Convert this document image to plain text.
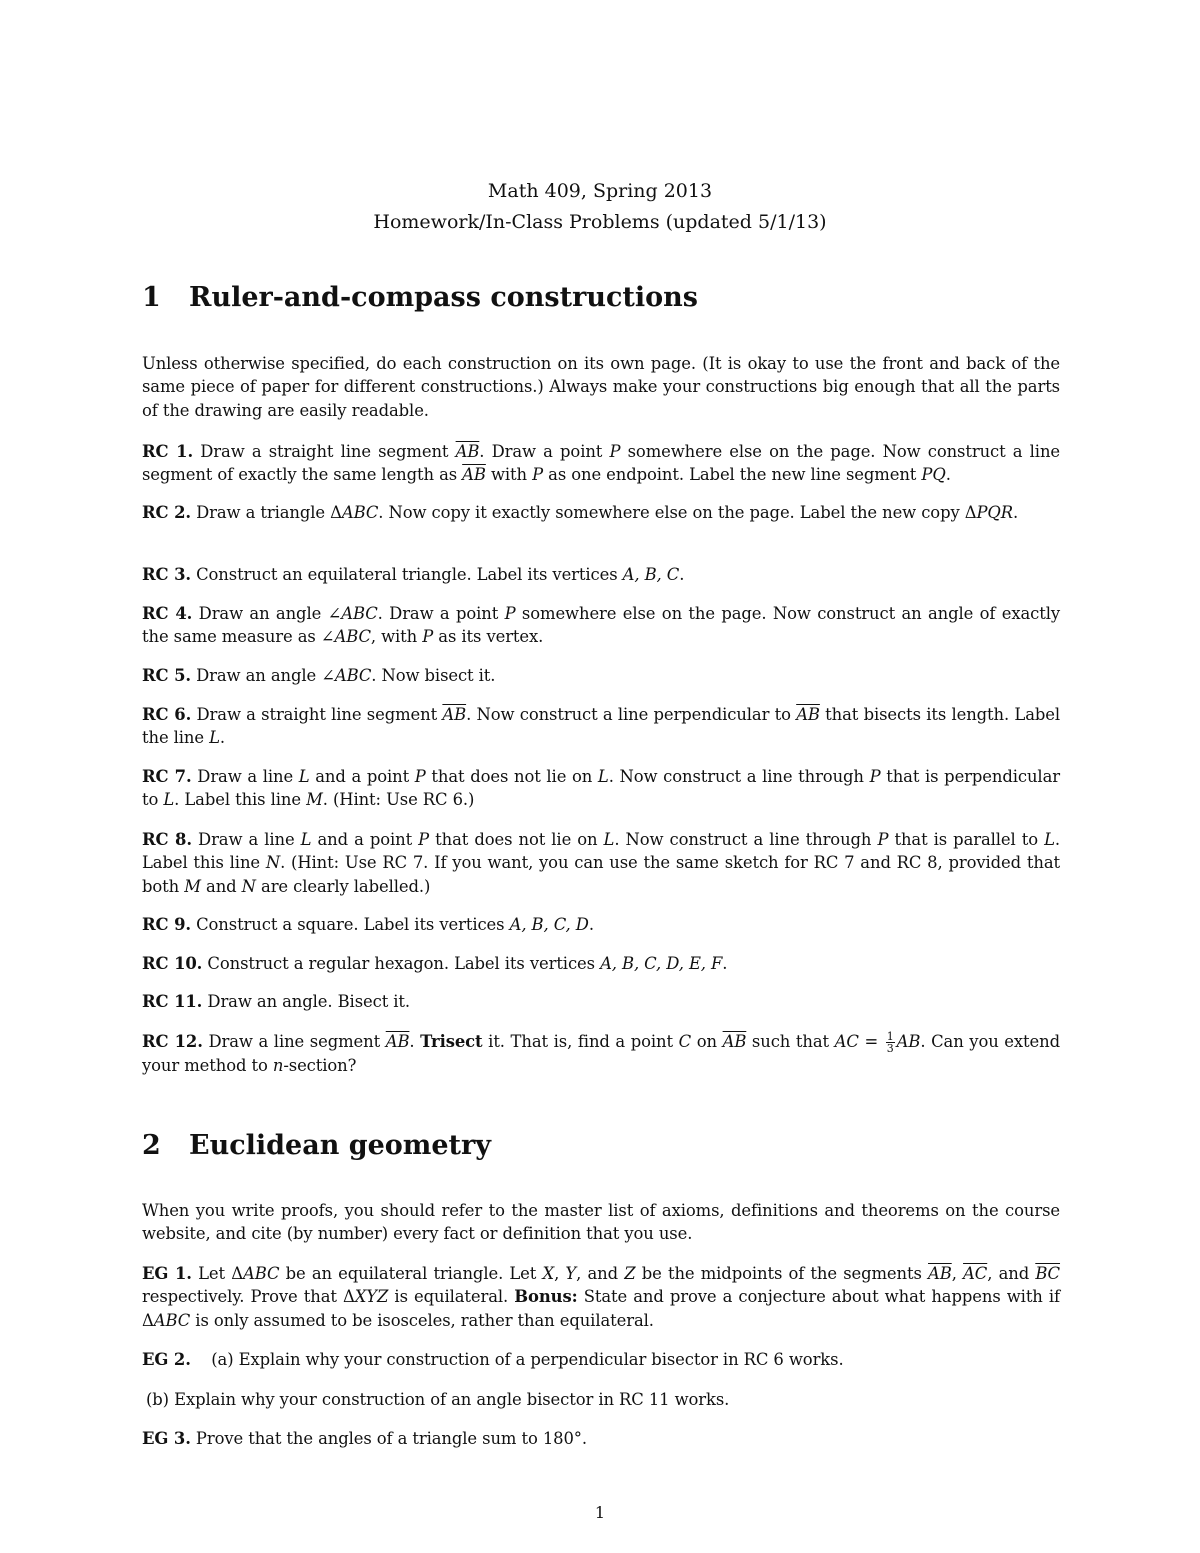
Math 409, Spring 2013
Homework/In-Class Problems (updated 5/1/13)
1 Ruler-and-compass constructions
Unless otherwise specified, do each construction on its own page. (It is okay to use the front and back of the same piece of paper for different constructions.) Always make your constructions big enough that all the parts of the drawing are easily readable.
RC 1. Draw a straight line segment $\overline{AB}$. Draw a point P somewhere else on the page. Now construct a line segment of exactly the same length as $\overline{AB}$ with P as one endpoint. Label the new line segment PQ.
RC 2. Draw a triangle ΔABC. Now copy it exactly somewhere else on the page. Label the new copy ΔPQR.
RC 3. Construct an equilateral triangle. Label its vertices A, B, C.
RC 4. Draw an angle ∠ABC. Draw a point P somewhere else on the page. Now construct an angle of exactly the same measure as ∠ABC, with P as its vertex.
RC 5. Draw an angle ∠ABC. Now bisect it.
RC 6. Draw a straight line segment $\overline{AB}$. Now construct a line perpendicular to $\overline{AB}$ that bisects its length. Label the line L.
RC 7. Draw a line L and a point P that does not lie on L. Now construct a line through P that is perpendicular to L. Label this line M. (Hint: Use RC 6.)
RC 8. Draw a line L and a point P that does not lie on L. Now construct a line through P that is parallel to L. Label this line N. (Hint: Use RC 7. If you want, you can use the same sketch for RC 7 and RC 8, provided that both M and N are clearly labelled.)
RC 9. Construct a square. Label its vertices A, B, C, D.
RC 10. Construct a regular hexagon. Label its vertices A, B, C, D, E, F.
RC 11. Draw an angle. Bisect it.
RC 12. Draw a line segment $\overline{AB}$. Trisect it. That is, find a point C on $\overline{AB}$ such that AC = $\frac{1}{3}$ AB. Can you extend your method to n-section?
2 Euclidean geometry
When you write proofs, you should refer to the master list of axioms, definitions and theorems on the course website, and cite (by number) every fact or definition that you use.
EG 1. Let ΔABC be an equilateral triangle. Let X, Y, and Z be the midpoints of the segments $\overline{AB}$, $\overline{AC}$, and $\overline{BC}$ respectively. Prove that ΔXYZ is equilateral. Bonus: State and prove a conjecture about what happens with if ΔABC is only assumed to be isosceles, rather than equilateral.
EG 2.    (a) Explain why your construction of a perpendicular bisector in RC 6 works.
(b) Explain why your construction of an angle bisector in RC 11 works.
EG 3. Prove that the angles of a triangle sum to 180°.
1
